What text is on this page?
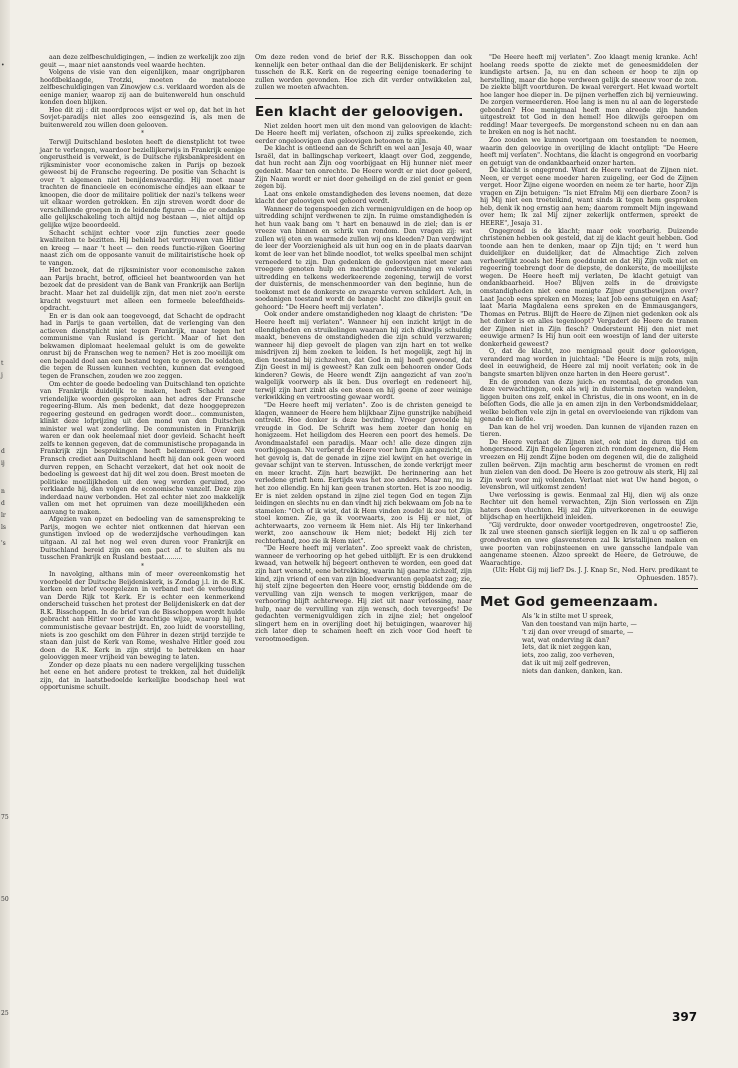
•
t
j
d
ij
n
d
lr
ls
's
75
50
25

aan deze zelfbeschuldigingen, — indien ze werkelijk zoo zijn geuit —, maar niet aanstonds veel waarde hechten.

Volgens de visie van den eigenlijken, maar ongrijpbaren hoofdbeklaagde, Trotzki, moeten de matelooze zelfbeschuldigingen van Zinowjew c.s. verklaard worden als de eenige manier, waarop zij aan de buitenwereld hun onschuld konden doen blijken.

Hoe dit zij : dit moordproces wijst er wel op, dat het in het Sovjet-paradijs niet alles zoo eensgezind is, als men de buitenwereld zou willen doen gelooven.

*

Terwijl Duitschland besloten heeft de dienstplicht tot twee jaar te verlengen, waardoor beziellijkerwijs in Frankrijk eenige ongerustheid is verwekt, is de Duitsche rijksbankpresident en rijksminister voor economische zaken in Parijs op bezoek geweest bij de Fransche regeering. De positie van Schacht is over 't algemeen niet benijdenswaardig. Hij moet maar trachten de financieele en economische eindjes aan elkaar te knoopen, die door de militaire politiek der nazi's telkens weer uit elkaar worden getrokken. En zijn streven wordt door de verschillende groepen in de leidende figuren — die er ondanks alle gelijkschakeling toch altijd nog bestaan —, niet altijd op gelijke wijze beoordeeld.

Schacht schijnt echter voor zijn functies zeer goede kwaliteiten te bezitten. Hij behield het vertrouwen van Hitler en kreeg — naar 't heet — den reeds functie-rijken Goering naast zich om de opposante vanuit de militairistische hoek op te vangen.

Het bezoek, dat de rijksminister voor economische zaken aan Parijs bracht, betrof, officieel het beantwoorden van het bezoek dat de president van de Bank van Frankrijk aan Berlijn bracht. Maar het zal duidelijk zijn, dat men niet zoo'n eerste kracht wegstuurt met alleen een formeele beleefdheids-opdracht.

En er is dan ook aan toegevoegd, dat Schacht de opdracht had in Parijs te gaan vertellen, dat de verlenging van den actieven dienstplicht niet tegen Frankrijk, maar tegen het communisme van Rusland is gericht. Maar of het den bekwamen diplomaat heelemaal gelukt is om de gewekte onrust bij de Franschen weg te nemen? Het is zoo moeilijk om een bepaald doel aan een bestand tegen te geven. De soldaten, die tegen de Russen kunnen vechten, kunnen dat evengoed tegen de Franschen, zouden we zoo zeggen.

Om echter de goede bedoeling van Duitschland ten opzichte van Frankrijk duidelijk te maken, heeft Schacht zeer vriendelijke woorden gesproken aan het adres der Fransche regeering-Blum. Als men bedenkt, dat deze hooggeprezen regeering gesteund en gedragen wordt door... communisten, klinkt deze lofprijzing uit den mond van den Duitschen minister wel wat zonderling. De communisten in Frankrijk waren er dan ook heelemaal niet door gevleid. Schacht heeft zelfs te kennen gegeven, dat de communistische propaganda in Frankrijk zijn besprekingen heeft belemmerd. Over een Fransch crediet aan Duitschland heeft hij dan ook geen woord durven reppen, en Schacht verzekert, dat het ook nooit de bedoeling is geweest dat hij dit wel zou doen. Brest moeten de politieke moeilijkheden uit den weg worden geruimd, zoo verklaarde hij, dan volgen de economische vanzelf. Deze zijn inderdaad nauw verbonden. Het zal echter niet zoo makkelijk vallen om met het opruimen van deze moeilijkheden een aanvang te maken.

Afgezien van opzet en bedoeling van de samenspreking te Parijs, mogen we echter niet ontkennen dat hiervan een gunstigen invloed op de wederzijdsche verhoudingen kan uitgaan. Al zal het nog wel even duren voor Frankrijk en Duitschland bereid zijn om een pact af te sluiten als nu tusschen Frankrijk en Rusland bestaat.........

*

In navolging, althans min of meer overeenkomstig het voorbeeld der Duitsche Beijdeniskerk, is Zondag j.l. in de R.K. kerken een brief voorgelezen in verband met de verhouding van Derde Rijk tot Kerk. Er is echter een kenmerkend onderscheid tusschen het protest der Belijdeniskerk en dat der R.K. Bisschoppen. In de brief van de Bisschoppen wordt hulde gebracht aan Hitler voor de krachtige wijze, waarop hij het communistische gevaar bestrijdt. En, zoo luidt de voorstelling, niets is zoo geschikt om den Führer in dezen strijd terzijde te staan dan juist de Kerk van Rome, weshalve Hitler goed zou doen de R.K. Kerk in zijn strijd te betrekken en haar gelooviggen meer vrijheid van beweging te laten.

Zonder op deze plaats nu een nadere vergelijking tusschen het eene en het andere protest te trekken, zal het duidelijk zijn, dat in laatstbedoelde kerkelijke boodschap heel wat opportunisme schuilt.

Om deze reden vond de brief der R.K. Bisschoppen dan ook kennelijk een beter onthaal dan die der Belijdeniskerk. Er schijnt tusschen de R.K. Kerk en de regeering eenige toenadering te zullen worden gevonden. Hoe zich dit verder ontwikkelen zal, zullen we moeten afwachten.

Een klacht der geloovigen.

Niet zelden hoort men uit den mond van geloovigen de klacht: De Heere heeft mij verlaten, ofschoon zij zulks spreekende, zich eerder ongeloovigen dan geloovigen betoonen te zijn.

De klacht is ontleend aan de Schrift en wel aan Jesaja 40, waar Israël, dat in ballingschap verkeert, klaagt over God, zeggende, dat hun recht aan Zijn oog voorbijgaat en Hij hunner niet meer gedenkt. Maar ten onrechte. De Heere wordt er niet door geëerd, Zijn Naam wordt er niet door geheiligd en de ziel geniet er geen zegen bij.

Laat ons enkele omstandigheden des levens noemen, dat deze klacht der geloovigen wel gehoord wordt.

Wanneer de tegenspoeden zich vermenigvuldigen en de hoop op uitredding schijnt verdwenen te zijn. In ruime omstandigheden is het hun vaak bang om 't hart en benauwd in de ziel; dan is er vreeze van binnen en schrik van rondom. Dan vragen zij: wat zullen wij eten en waarmede zullen wij ons kleeden? Dan verdwijnt de leer der Voorzienigheid als uit hun oog en in de plaats daarvan komt de leer van het blinde noodlot, tot welks speelbal men schijnt verneederd te zijn. Dan gedenken de geloovigen niet meer aan vroegere genoten hulp en machtige ondersteuning en velerlei uitredding en telkens wederkeerende zegening, terwijl de vorst der duisternis, de menschenmoorder van den beginne, hun de toekomst met de donkerste en zwaarste verven schildert. Ach, in soodanigen toestand wordt de bange klacht zoo dikwijls geuit en gehoord: "De Heere heeft mij verlaten".

Ook onder andere omstandigheden nog klaagt de christen: "De Heere heeft mij verlaten". Wanneer hij een inzicht krijgt in de ellendigheden en struikelingen waaraan hij zich dikwijls schuldig maakt, benevens de omstandigheden die zijn schuld verzwaren; wanneer hij diep gevoelt de plagen van zijn hart en tot welke misdrijven zij hem zoeken te leiden. Is het mogelijk, zegt hij in dien toestand bij zichzelven, dat God in mij heeft gewoond, dat Zijn Geest in mij is geweest? Kan zulk een behooren onder Gods kinderen? Gewis, de Heere wendt Zijn aangezicht af van zoo'n walgelijk voorwerp als ik ben. Dus overlegt en redeneert hij, terwijl zijn hart zinkt als een steen en hij geene of zeer weinige verkwikking en vertroosting gewaar wordt.

"De Heere heeft mij verlaten". Zoo is de christen geneigd te klagen, wanneer de Heere hem blijkbaar Zijne gunstrijke nabijheid onttrekt. Hoe donker is deze bevinding. Vroeger gevoelde hij vreugde in God. De Schrift was hem zoeter dan honig en honigzeem. Het heiligdom des Heeren een poort des hemels. De Avondmaalstafel een paradijs. Maar och! alle deze dingen zijn voorbijgegaan. Nu verbergt de Heere voor hem Zijn aangezicht, en het gevolg is, dat de genade in zijne ziel kwijnt en het overige in gevaar schijnt van te sterven. Intusschen, de zonde verkrijgt meer en meer kracht. Zijn hart bezwijkt. De herinnering aan het verledene grieft hem. Eertijds was het zoo anders. Maar nu, nu is het zoo ellendig. En hij kan geen tranen storten. Het is zoo noodig. Er is niet zelden opstand in zijne ziel tegen God en tegen Zijn leidingen en slechts nu en dan vindt hij zich bekwaam om Job na te stamelen: "Och of ik wist, dat ik Hem vinden zoude! ik zou tot Zijn stoel komen. Zie, ga ik voorwaarts, zoo is Hij er niet, of achterwaarts, zoo verneem ik Hem niet. Als Hij ter linkerhand werkt, zoo aanschouw ik Hem niet; bedekt Hij zich ter rechterhand, zoo zie ik Hem niet".

"De Heere heeft mij verlaten". Zoo spreekt vaak de christen, wanneer de verhooring op het gebed uitblijft. Er is een drukkend kwaad, van hetwelk hij begeert ontheven te worden, een goed dat zijn hart wenscht, eene betrekking, waarin hij gaarne zichzelf, zijn kind, zijn vriend of een van zijn bloedverwanten geplaatst zag; zie, hij stelt zijne begeerten den Heere voor, ernstig biddende om de vervulling van zijn wensch te mogen verkrijgen, maar de verhooring blijft achterwege. Hij ziet uit naar verlossing, naar hulp, naar de vervulling van zijn wensch, doch tevergeefs! De gedachten vermenigvuldigen zich in zijne ziel; het ongeloof slingert hem en in overijling doet hij betuigingen, waarover hij zich later diep te schamen heeft en zich voor God heeft te verootmoedigen.

"De Heere heeft mij verlaten". Zoo klaagt menig kranke. Ach! hoelang reeds spotte de ziekte met de geneesmiddelen der kundigste artsen. Ja, nu en dan scheen er hoop te zijn op herstelling, maar die hope verdween gelijk de sneeuw voor de zon. De ziekte blijft voortduren. De kwaal verergert. Het kwaad wortelt hoe langer hoe dieper in. De pijnen verheffen zich bij vernieuwing. De zorgen vermeerderen. Hoe lang is men nu al aan de legerstede gebonden? Hoe menigmaal heeft men alreede zijn handen uitgestrekt tot God in den hemel! Hoe dikwijls geroepen om redding! Maar tevergeefs. De morgenstond scheen nu en dan aan te breken en nog is het nacht.

Zoo zouden we kunnen voortgaan om toestanden te noemen, waarin den geloovige in overijling de klacht ontglipt: "De Heere heeft mij verlaten". Nochtans, die klacht is ongegrond en voorbarig en getuigt van de ondankbaarheid onzer harten.

De klacht is ongegrond. Want de Heere verlaat de Zijnen niet. Neen, er verget eene moeder haren zuigeling, eer God de Zijnen verget. Hoor Zijne eigene woorden en neem ze ter harte, hoor Zijn vragen en Zijn betuigen: "Is niet Efraïm Mij een dierbare Zoon? is hij Mij niet een troeteikind, want sinds ik tegen hem gesproken heb, denk ik nog ernstig aan hem; daarom rommelt Mijn ingewand over hem; Ik zal Mij zijner zekerlijk ontfermen, spreekt de HEERE", Jesaja 31.

Ongegrond is de klacht; maar ook voorbarig. Duizende christenen hebben ook gesteld, dat zij de klacht geuit hebben. God toonde aan hen te denken, maar op Zijn tijd; en 't werd hun duidelijker en duidelijker, dat de Almachtige Zich zelven verheerlijkt zooals het Hem goeddunkt en dat Hij Zijn volk niet en regeering toebrengt door de diepste, de donkerste, de moeilijkste wegen. De Heere heeft mij verlaten, De klacht getuigt van ondankbaarheid. Hoe? Blijven zelfs in de drœvigste omstandigheden niet eene menigte Zijner gunstbewijzen over? Laat Jacob eens spreken en Mozes; laat Job eens getuigen en Asaf; laat Maria Magdalena eens spreken en de Emmausgangers, Thomas en Petrus. Blijft de Heere de Zijnen niet gedenken ook als het donker is en alles tegenloopt? Vergadert de Heere de tranen der Zijnen niet in Zijn flesch? Ondersteunt Hij den niet met eeuwige armen? Is Hij hun ooit een woestijn of land der uiterste donkerheid geweest?

O, dat de klacht, zoo menigmaal geuit door geloovigen, veranderd mag worden in juichtaal: "De Heere is mijn rots, mijn deel in eeuwigheid, de Heere zal mij nooit verlaten; ook in de bangste smarten blijven onze harten in den Heere gerust".

En de gronden van deze juich- en roemtaal, de gronden van deze verwachtingen, ook als wij in duisternis moeten wandelen, liggen buiten ons zelf, enkel in Christus, die in ons woont, en in de beloften Gods, die alle ja en amen zijn in den Verbondsmiddelaar, welke beloften vele zijn in getal en overvloeiende van rijkdom van genade en liefde.

Dan kan de hel vrij woeden. Dan kunnen de vijanden razen en tieren.

De Heere verlaat de Zijnen niet, ook niet in duren tijd en hongersnood. Zijn Engelen legeren zich rondom degenen, die Hem vreezen en Hij zendt Zijne boden om degenen wil, die de zaligheid zullen beërven. Zijn machtig arm beschermt de vromen en redt hun zielen van den dood. De Heere is zoo getrouw als sterk, Hij zal Zijn werk voor mij volenden. Verlaat niet wat Uw hand begon, o levensbron, wil uitkomst zenden!

Uwe verlossing is gewis. Eenmaal zal Hij, dien wij als onze Rechter uit den hemel verwachten, Zijn Sion verlossen en Zijn haters doen vluchten. Hij zal Zijn uitverkorenen in de eeuwige blijdschap en heerlijkheid inleiden.

"Gij verdrukte, door onweder voortgedreven, ongetrooste! Zie, Ik zal uwe steenen gansch sierlijk leggen en Ik zal u op saffieren grondvesten en uwe glasvensteren zal Ik kristallijnen maken en uwe poorten van robijnsteenen en uwe ganssche landpale van aangename steenen. Alzoo spreekt de Heere, de Getrouwe, de Waarachtige.

(Uit: Hebt Gij mij lief? Ds. J. J. Knap Sr., Ned. Herv. predikant te Ophuesden. 1857).

Met God gemeenzaam.
Als 'k in stilte met U spreek,
Van den toestand van mijn harte, —
't zij dan over vreugd of smarte, —
wat, wat onderving ik dan?
Iets, dat ik niet zeggen kan,
iets, zoo zalig, zoo verheven,
dat ik uit mij zelf gedreven,
niets dan danken, danken, kan.
397
